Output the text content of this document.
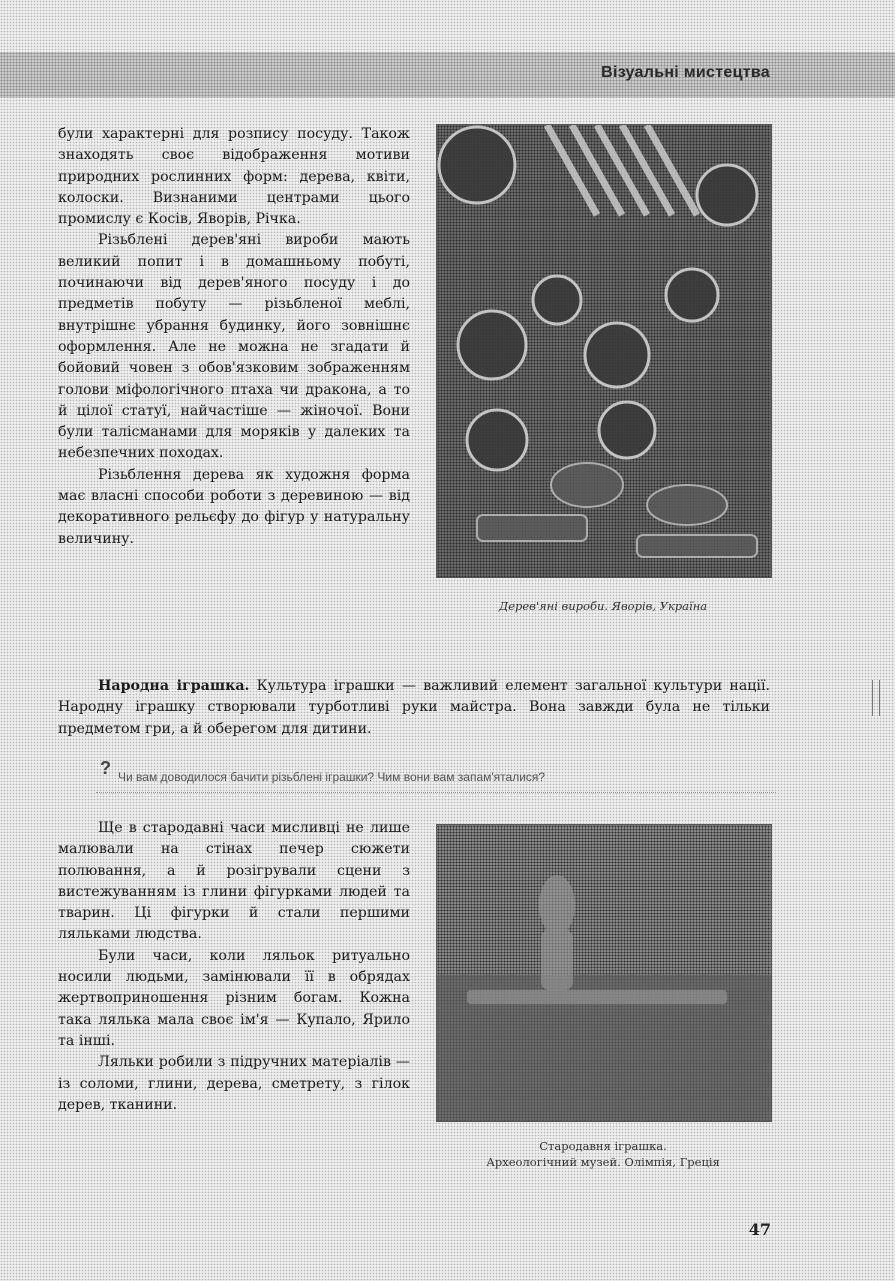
Візуальні мистецтва

були характерні для розпису посуду. Також знаходять своє відображення мотиви природних рослинних форм: дерева, квіти, колоски. Визнаними центрами цього промислу є Косів, Яворів, Річка.

Різьблені дерев'яні вироби мають великий попит і в домашньому побуті, починаючи від дерев'яного посуду і до предметів побуту — різьбленої меблі, внутрішнє убрання будинку, його зовнішнє оформлення. Але не можна не згадати й бойовий човен з обов'язковим зображенням голови міфологічного птаха чи дракона, а то й цілої статуї, найчастіше — жіночої. Вони були талісманами для моряків у далеких та небезпечних походах.

Різьблення дерева як художня форма має власні способи роботи з деревиною — від декоративного рельєфу до фігур у натуральну величину.

Дерев'яні вироби. Яворів, Україна

Народна іграшка. Культура іграшки — важливий елемент загальної культури нації. Народну іграшку створювали турботливі руки майстра. Вона завжди була не тільки предметом гри, а й оберегом для дитини.

? Чи вам доводилося бачити різьблені іграшки? Чим вони вам запам'яталися?

Ще в стародавні часи мисливці не лише малювали на стінах печер сюжети полювання, а й розігрували сцени з вистежуванням із глини фігурками людей та тварин. Ці фігурки й стали першими ляльками людства.

Були часи, коли ляльок ритуально носили людьми, замінювали її в обрядах жертвоприношення різним богам. Кожна така лялька мала своє ім'я — Купало, Ярило та інші.

Ляльки робили з підручних матеріалів — із соломи, глини, дерева, сметрету, з гілок дерев, тканини.

Стародавня іграшка.
Археологічний музей. Олімпія, Греція
47
